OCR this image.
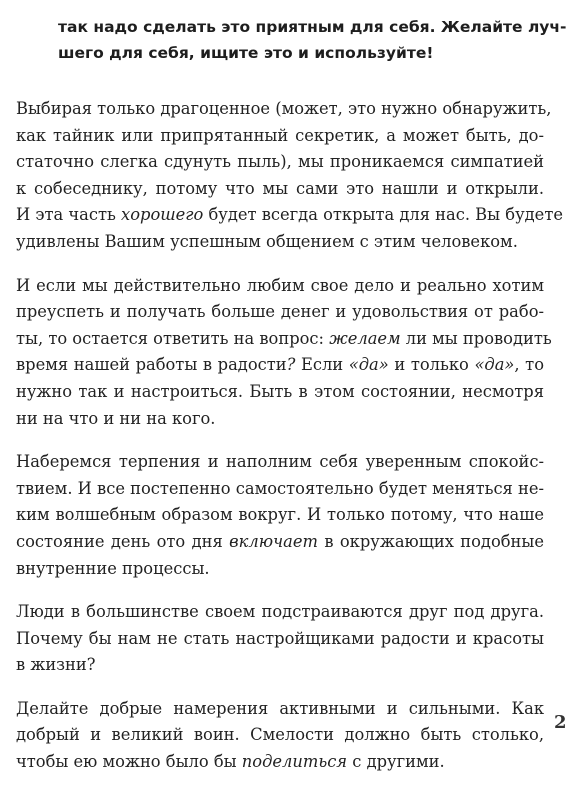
так надо сделать это приятным для себя. Желайте луч-
шего для себя, ищите это и используйте!
Выбирая только драгоценное (может, это нужно обнаружить,
как тайник или припрятанный секретик, а может быть, до-
статочно слегка сдунуть пыль), мы проникаемся симпатией
к собеседнику, потому что мы сами это нашли и открыли.
И эта часть хорошего будет всегда открыта для нас. Вы будете
удивлены Вашим успешным общением с этим человеком.
И если мы действительно любим свое дело и реально хотим
преуспеть и получать больше денег и удовольствия от рабо-
ты, то остается ответить на вопрос: желаем ли мы проводить
время нашей работы в радости? Если «да» и только «да», то
нужно так и настроиться. Быть в этом состоянии, несмотря
ни на что и ни на кого.
Наберемся терпения и наполним себя уверенным спокойс-
твием. И все постепенно самостоятельно будет меняться не-
ким волшебным образом вокруг. И только потому, что наше
состояние день ото дня включает в окружающих подобные
внутренние процессы.
Люди в большинстве своем подстраиваются друг под друга.
Почему бы нам не стать настройщиками радости и красоты
в жизни?
Делайте добрые намерения активными и сильными. Как
добрый и великий воин. Смелости должно быть столько,
чтобы ею можно было бы поделиться с другими.
2
